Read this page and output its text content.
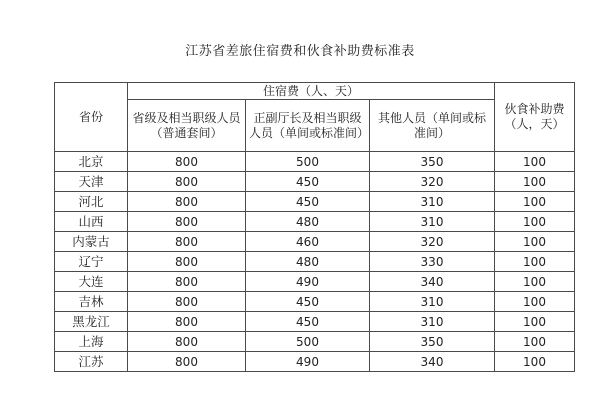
江苏省差旅住宿费和伙食补助费标准表
省份	住宿费（人、天）			伙食补助费（人，天）

	省级及相当职级人员（普通套间）	正副厅长及相当职级人员（单间或标准间）	其他人员（单间或标准间）	

北京	800	500	350	100
天津	800	450	320	100
河北	800	450	310	100
山西	800	480	310	100
内蒙古	800	460	320	100
辽宁	800	480	330	100
大连	800	490	340	100
吉林	800	450	310	100
黑龙江	800	450	310	100
上海	800	500	350	100
江苏	800	490	340	100
